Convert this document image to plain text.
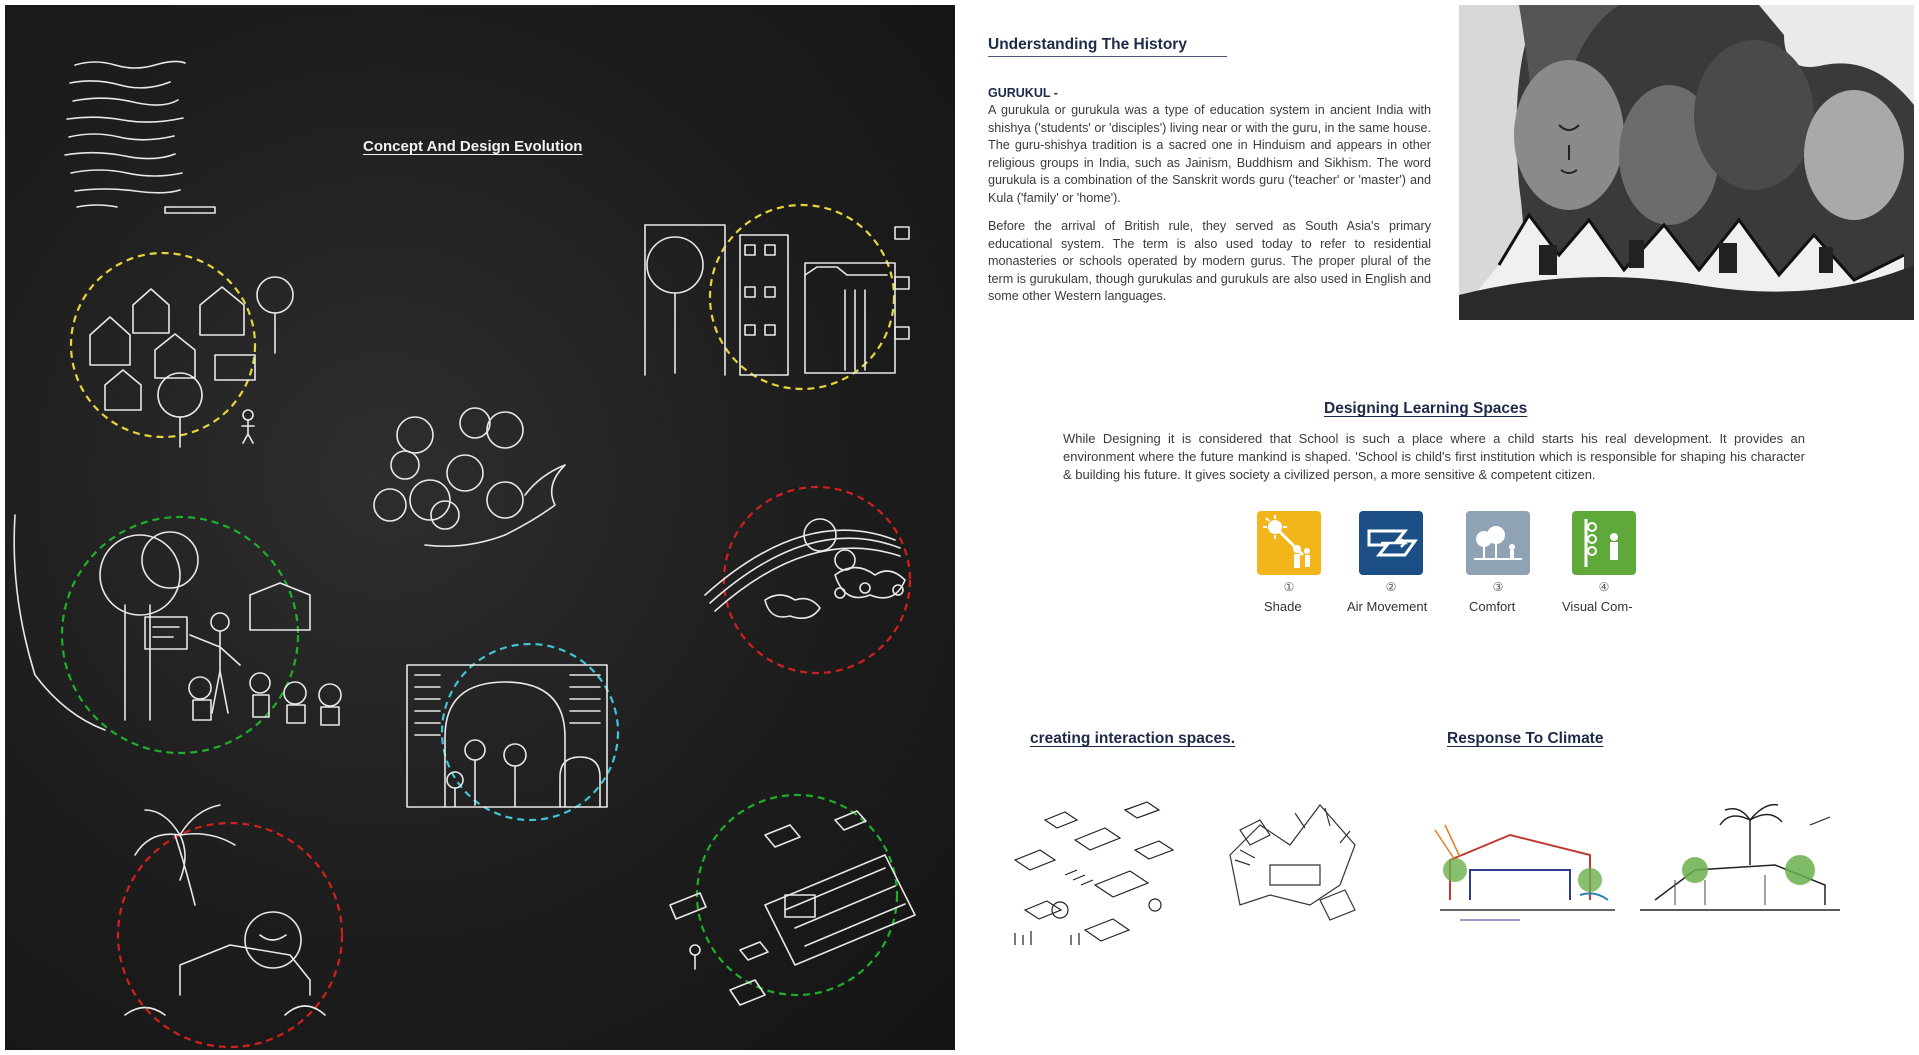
Concept And Design Evolution
Understanding The History
GURUKUL -
A gurukula or gurukula was a type of education system in ancient India with shishya ('students' or 'disciples') living near or with the guru, in the same house. The guru-shishya tradition is a sacred one in Hinduism and appears in other religious groups in India, such as Jainism, Buddhism and Sikhism. The word gurukula is a combination of the Sanskrit words guru ('teacher' or 'master') and Kula ('family' or 'home').
Before the arrival of British rule, they served as South Asia's primary educational system. The term is also used today to refer to residential monasteries or schools operated by modern gurus. The proper plural of the term is gurukulam, though gurukulas and gurukuls are also used in English and some other Western languages.
Designing Learning Spaces
While Designing it is considered that School is such a place where a child starts his real development. It provides an environment where the future mankind is shaped. 'School is child's first institution which is responsible for shaping his character & building his future. It gives society a civilized person, a more sensitive & competent citizen.
①	②	③	④
Shade	Air Movement	Comfort	Visual Com-
creating interaction spaces.	Response To Climate
